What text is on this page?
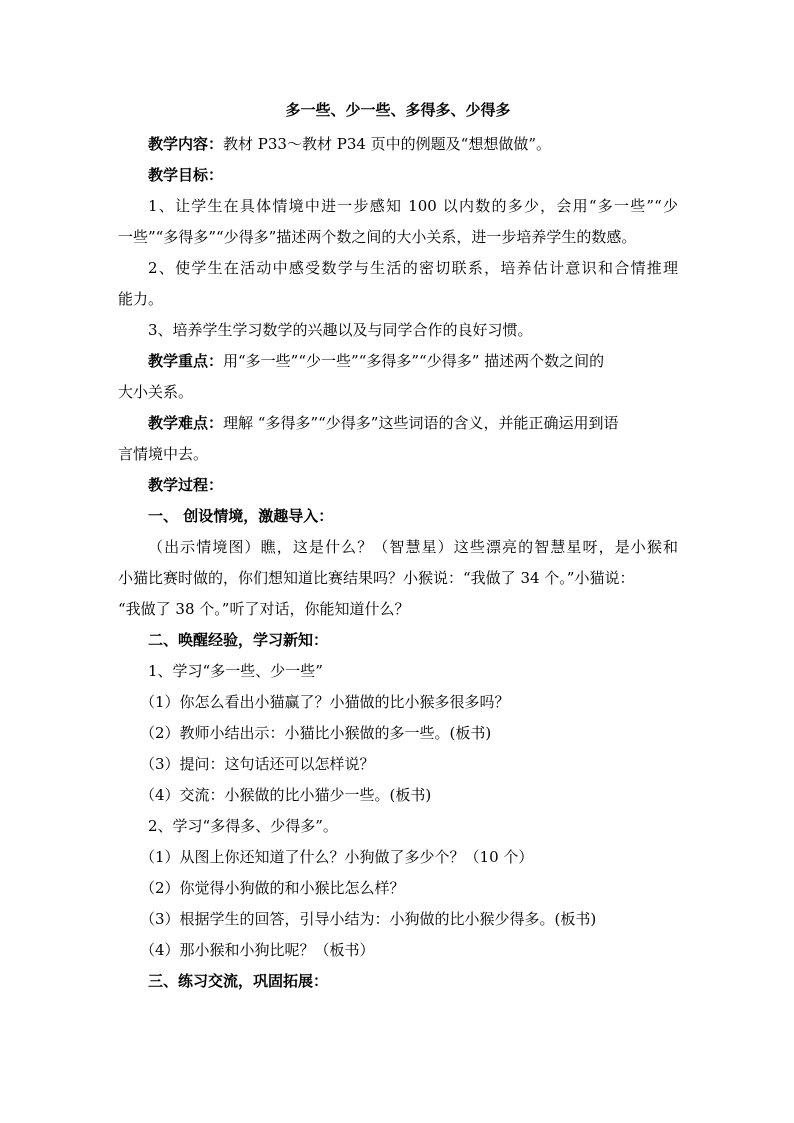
多一些、少一些、多得多、少得多
教学内容：教材 P33～教材 P34 页中的例题及“想想做做”。
教学目标：
1、让学生在具体情境中进一步感知 100 以内数的多少，会用“多一些”“少
一些”“多得多”“少得多”描述两个数之间的大小关系，进一步培养学生的数感。
2、使学生在活动中感受数学与生活的密切联系，培养估计意识和合情推理
能力。
3、培养学生学习数学的兴趣以及与同学合作的良好习惯。
教学重点：用“多一些”“少一些”“多得多”“少得多” 描述两个数之间的
大小关系。
教学难点：理解 “多得多”“少得多”这些词语的含义，并能正确运用到语
言情境中去。
教学过程：
一、 创设情境，激趣导入：
（出示情境图）瞧，这是什么？（智慧星）这些漂亮的智慧星呀，是小猴和
小猫比赛时做的，你们想知道比赛结果吗？小猴说：“我做了 34 个。”小猫说：
“我做了 38 个。”听了对话，你能知道什么？
二、唤醒经验，学习新知：
1、学习“多一些、少一些”
（1）你怎么看出小猫赢了？小猫做的比小猴多很多吗？
（2）教师小结出示：小猫比小猴做的多一些。(板书)
（3）提问：这句话还可以怎样说？
（4）交流：小猴做的比小猫少一些。(板书)
2、学习“多得多、少得多”。
（1）从图上你还知道了什么？小狗做了多少个？（10 个）
（2）你觉得小狗做的和小猴比怎么样？
（3）根据学生的回答，引导小结为：小狗做的比小猴少得多。(板书)
（4）那小猴和小狗比呢？（板书）
三、练习交流，巩固拓展：
